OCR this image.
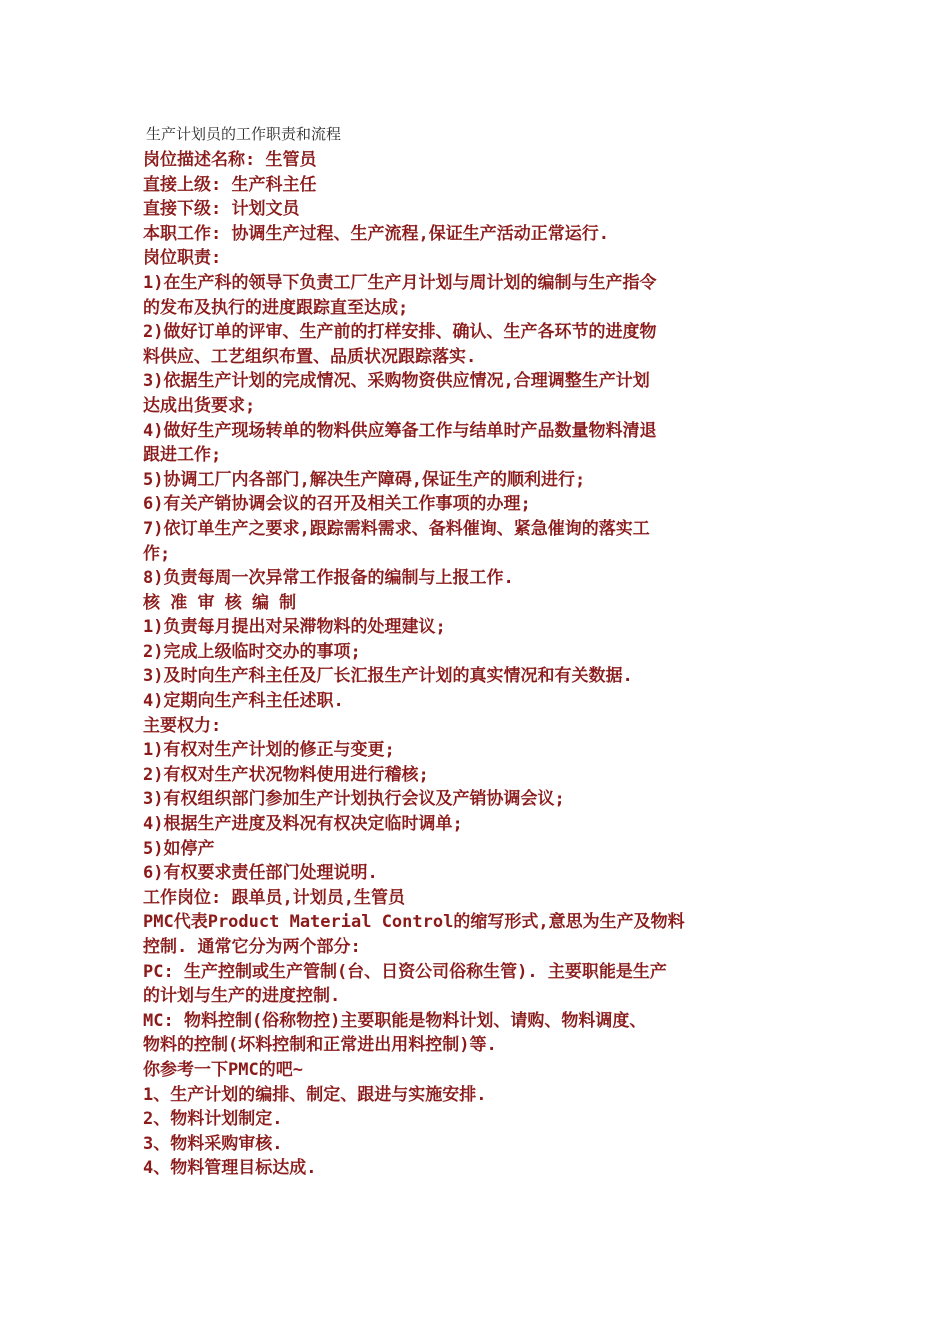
生产计划员的工作职责和流程
岗位描述名称: 生管员
直接上级: 生产科主任
直接下级: 计划文员
本职工作: 协调生产过程、生产流程,保证生产活动正常运行.
岗位职责:
1)在生产科的领导下负责工厂生产月计划与周计划的编制与生产指令
的发布及执行的进度跟踪直至达成;
2)做好订单的评审、生产前的打样安排、确认、生产各环节的进度物
料供应、工艺组织布置、品质状况跟踪落实.
3)依据生产计划的完成情况、采购物资供应情况,合理调整生产计划
达成出货要求;
4)做好生产现场转单的物料供应筹备工作与结单时产品数量物料清退
跟进工作;
5)协调工厂内各部门,解决生产障碍,保证生产的顺利进行;
6)有关产销协调会议的召开及相关工作事项的办理;
7)依订单生产之要求,跟踪需料需求、备料催询、紧急催询的落实工
作;
8)负责每周一次异常工作报备的编制与上报工作.
核 准 审 核 编 制
1)负责每月提出对呆滞物料的处理建议;
2)完成上级临时交办的事项;
3)及时向生产科主任及厂长汇报生产计划的真实情况和有关数据.
4)定期向生产科主任述职.
主要权力:
1)有权对生产计划的修正与变更;
2)有权对生产状况物料使用进行稽核;
3)有权组织部门参加生产计划执行会议及产销协调会议;
4)根据生产进度及料况有权决定临时调单;
5)如停产
6)有权要求责任部门处理说明.
工作岗位: 跟单员,计划员,生管员
PMC代表Product Material Control的缩写形式,意思为生产及物料
控制. 通常它分为两个部分:
PC: 生产控制或生产管制(台、日资公司俗称生管). 主要职能是生产
的计划与生产的进度控制.
MC: 物料控制(俗称物控)主要职能是物料计划、请购、物料调度、
物料的控制(坏料控制和正常进出用料控制)等.
你参考一下PMC的吧~
1、生产计划的编排、制定、跟进与实施安排.
2、物料计划制定.
3、物料采购审核.
4、物料管理目标达成.
